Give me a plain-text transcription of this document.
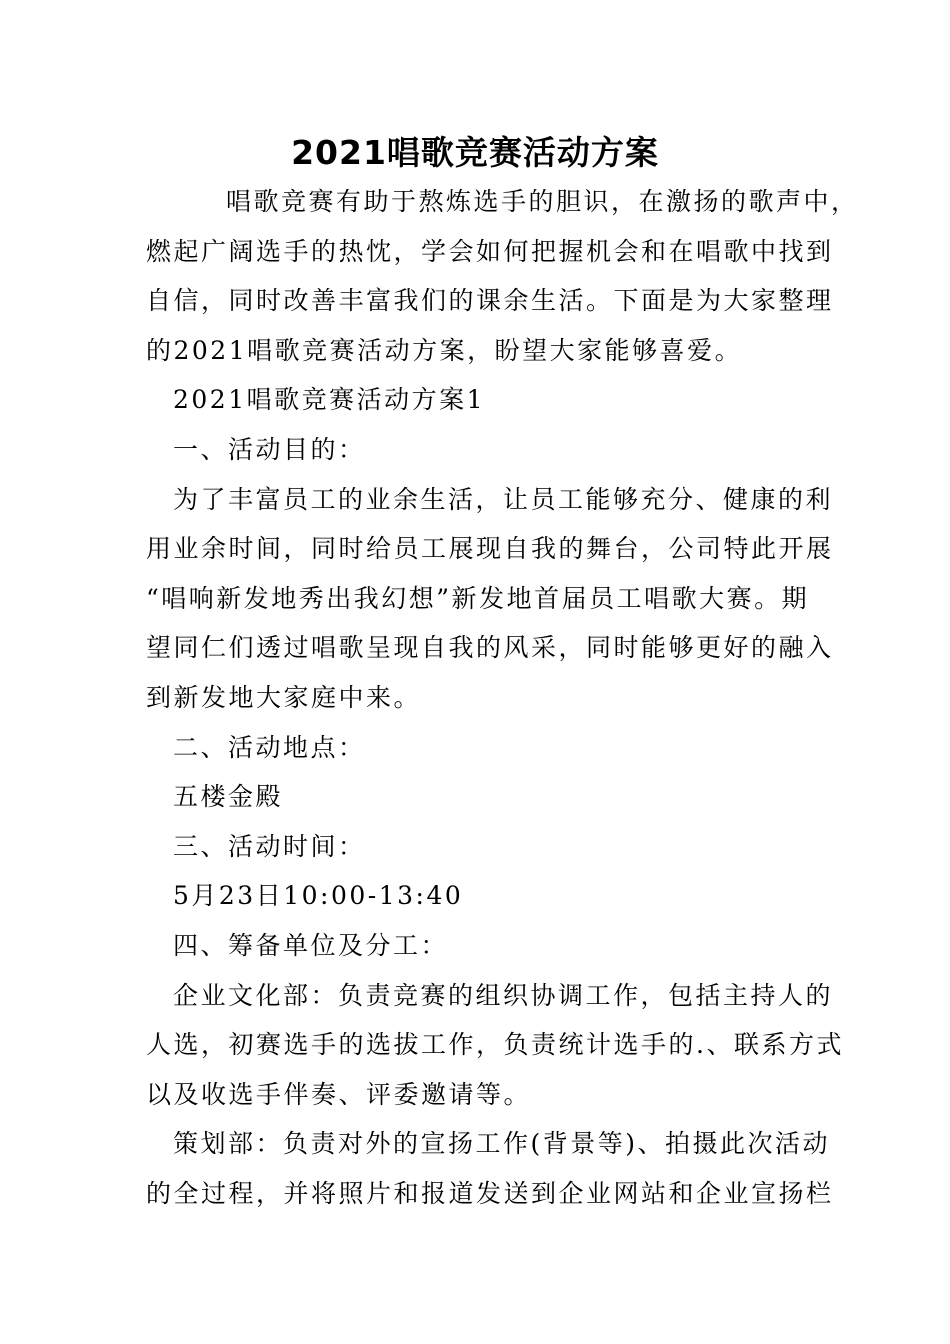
2021唱歌竞赛活动方案
唱歌竞赛有助于熬炼选手的胆识，在激扬的歌声中，
燃起广阔选手的热忱，学会如何把握机会和在唱歌中找到
自信，同时改善丰富我们的课余生活。下面是为大家整理
的2021唱歌竞赛活动方案，盼望大家能够喜爱。
2021唱歌竞赛活动方案1
一、活动目的：
为了丰富员工的业余生活，让员工能够充分、健康的利
用业余时间，同时给员工展现自我的舞台，公司特此开展
“唱响新发地秀出我幻想”新发地首届员工唱歌大赛。期
望同仁们透过唱歌呈现自我的风采，同时能够更好的融入
到新发地大家庭中来。
二、活动地点：
五楼金殿
三、活动时间：
5月23日10:00-13:40
四、筹备单位及分工：
企业文化部：负责竞赛的组织协调工作，包括主持人的
人选，初赛选手的选拔工作，负责统计选手的.、联系方式
以及收选手伴奏、评委邀请等。
策划部：负责对外的宣扬工作(背景等)、拍摄此次活动
的全过程，并将照片和报道发送到企业网站和企业宣扬栏
